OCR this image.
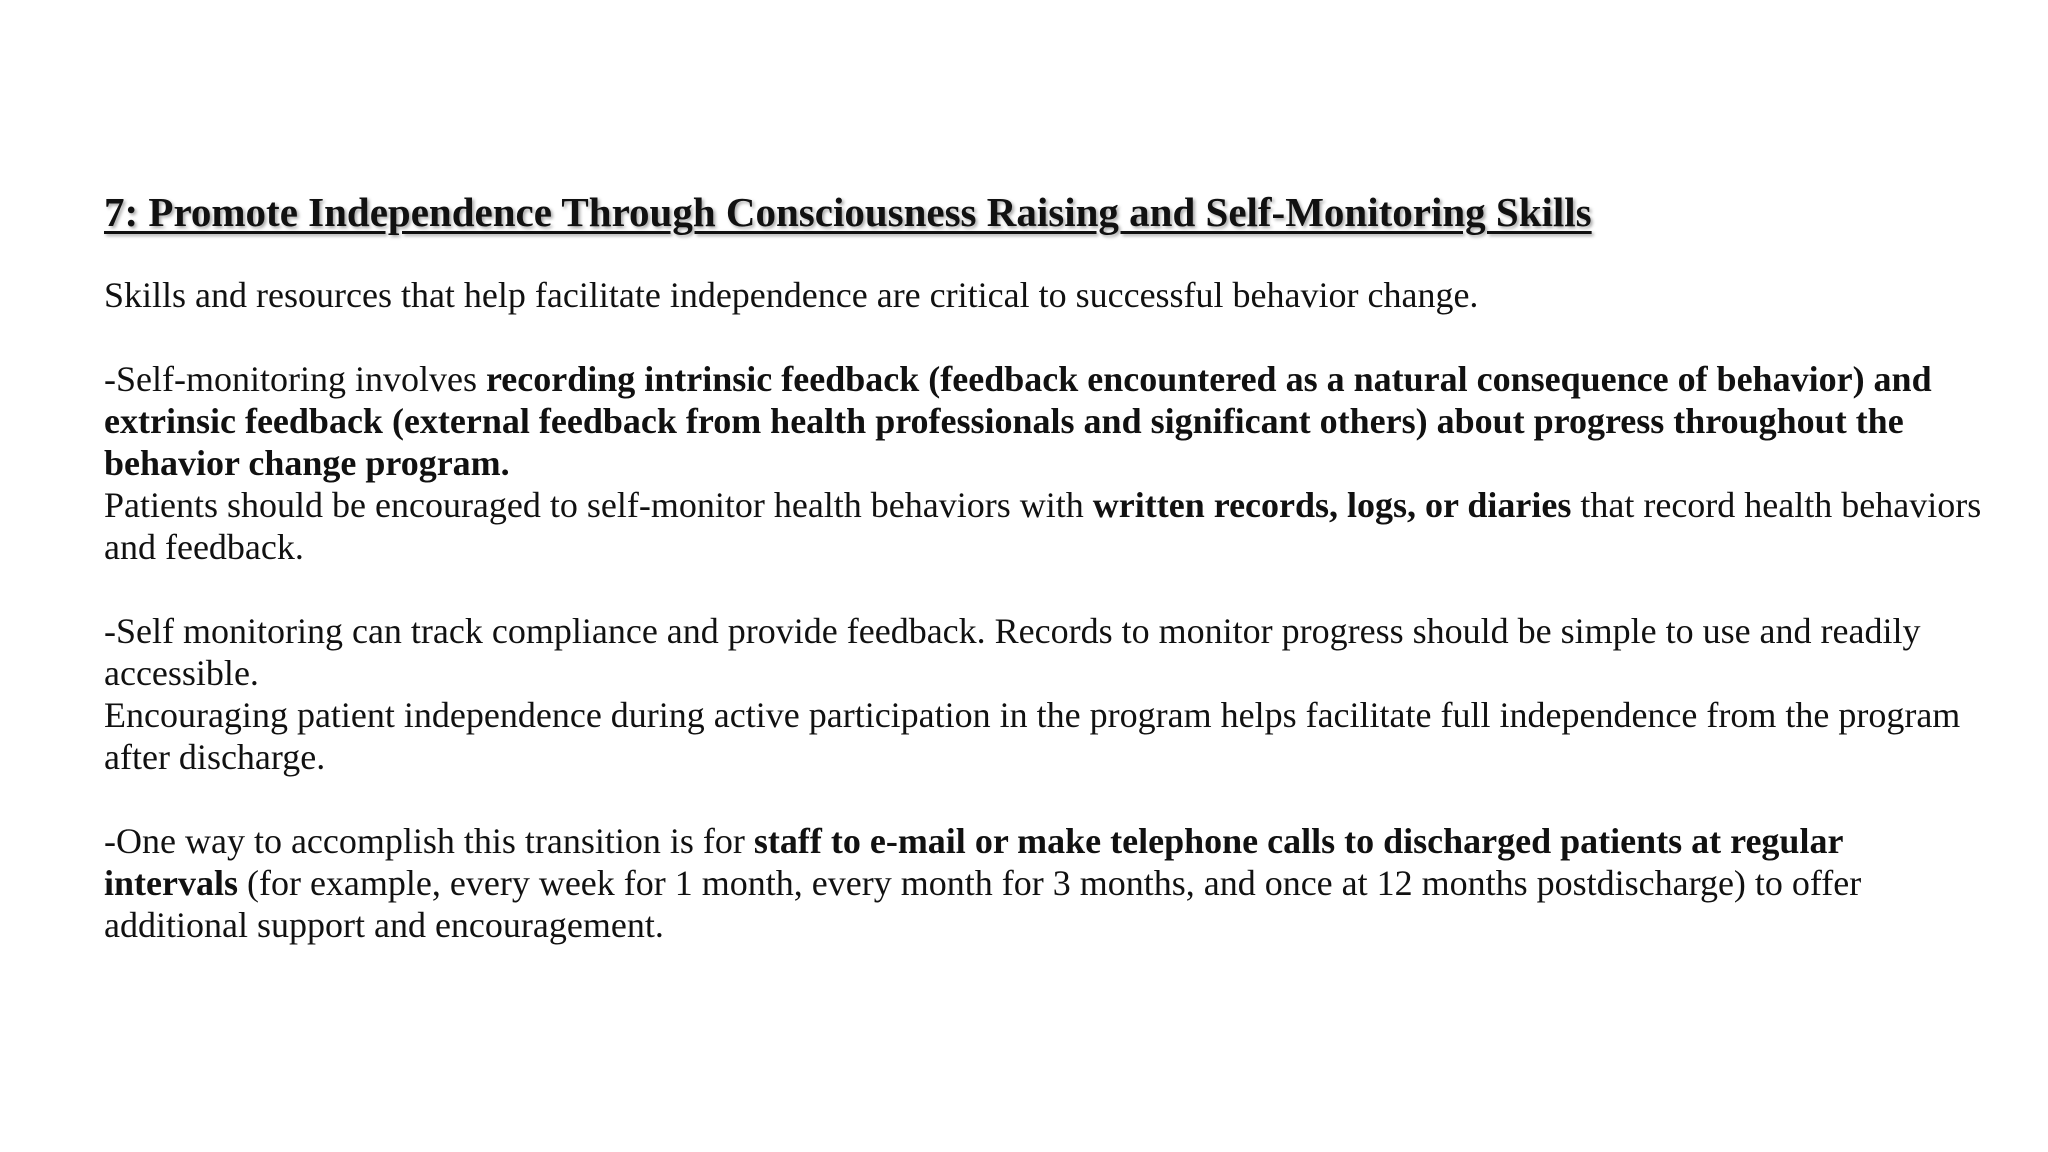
7: Promote Independence Through Consciousness Raising and Self-Monitoring Skills

Skills and resources that help facilitate independence are critical to successful behavior change.

-Self-monitoring involves recording intrinsic feedback (feedback encountered as a natural consequence of behavior) and extrinsic feedback (external feedback from health professionals and significant others) about progress throughout the behavior change program.

Patients should be encouraged to self-monitor health behaviors with written records, logs, or diaries that record health behaviors and feedback.

-Self monitoring can track compliance and provide feedback. Records to monitor progress should be simple to use and readily accessible.

Encouraging patient independence during active participation in the program helps facilitate full independence from the program after discharge.

-One way to accomplish this transition is for staff to e-mail or make telephone calls to discharged patients at regular intervals (for example, every week for 1 month, every month for 3 months, and once at 12 months postdischarge) to offer additional support and encouragement.
